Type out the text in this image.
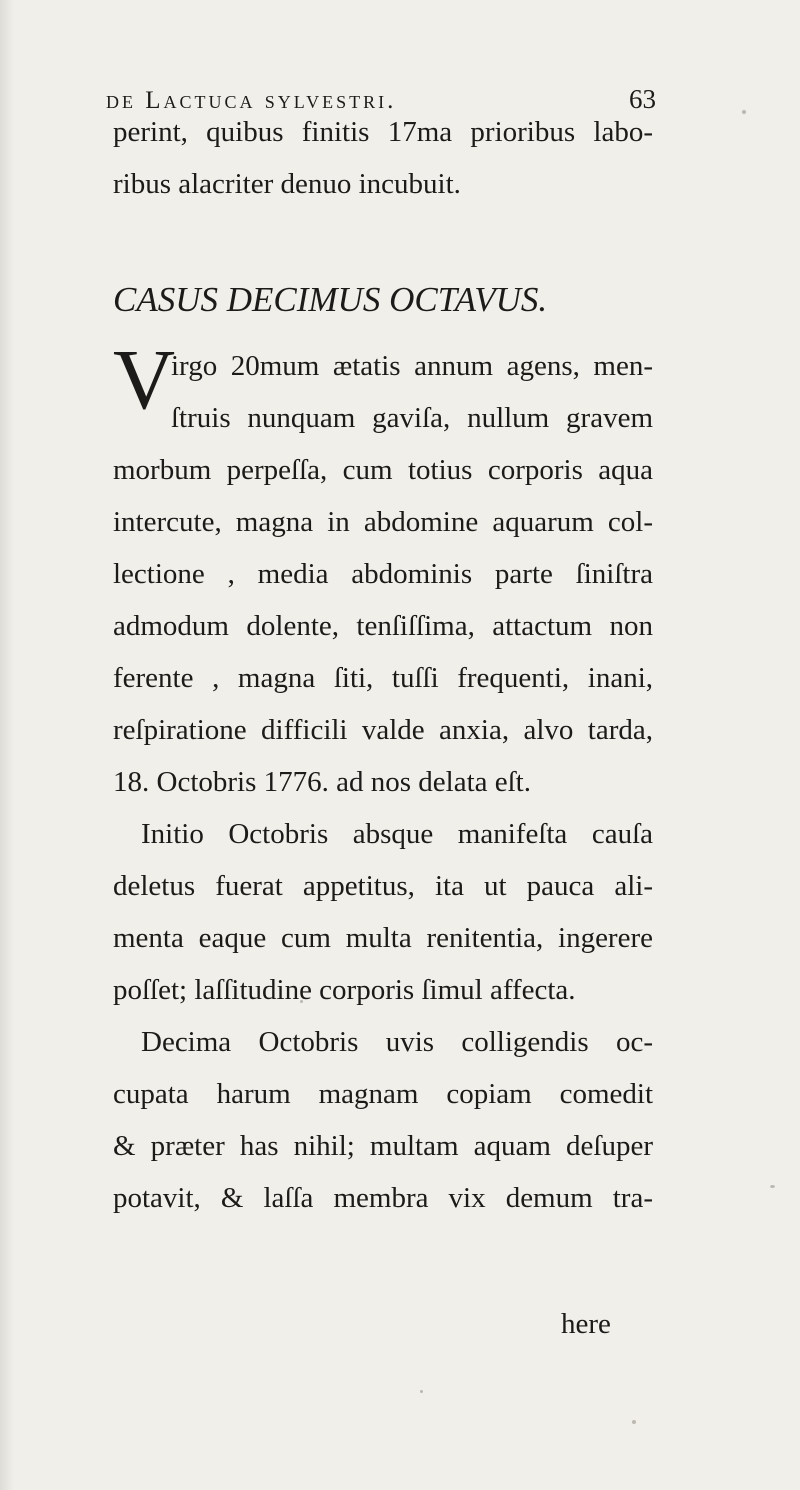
de Lactuca sylvestri.	63
perint, quibus finitis 17ma prioribus labo-
ribus alacriter denuo incubuit.
CASUS DECIMUS OCTAVUS.
V
irgo 20mum ætatis annum agens, men-
ſtruis nunquam gaviſa, nullum gravem
morbum perpeſſa, cum totius corporis aqua
intercute, magna in abdomine aquarum col-
lectione , media abdominis parte ſiniſtra
admodum dolente, tenſiſſima, attactum non
ferente , magna ſiti, tuſſi frequenti, inani,
reſpiratione difficili valde anxia, alvo tarda,
18. Octobris 1776. ad nos delata eſt.
Initio Octobris absque manifeſta cauſa
deletus fuerat appetitus, ita ut pauca ali-
menta eaque cum multa renitentia, ingerere
poſſet; laſſitudine corporis ſimul affecta.
Decima Octobris uvis colligendis oc-
cupata harum magnam copiam comedit
& præter has nihil; multam aquam deſuper
potavit, & laſſa membra vix demum tra-
here
